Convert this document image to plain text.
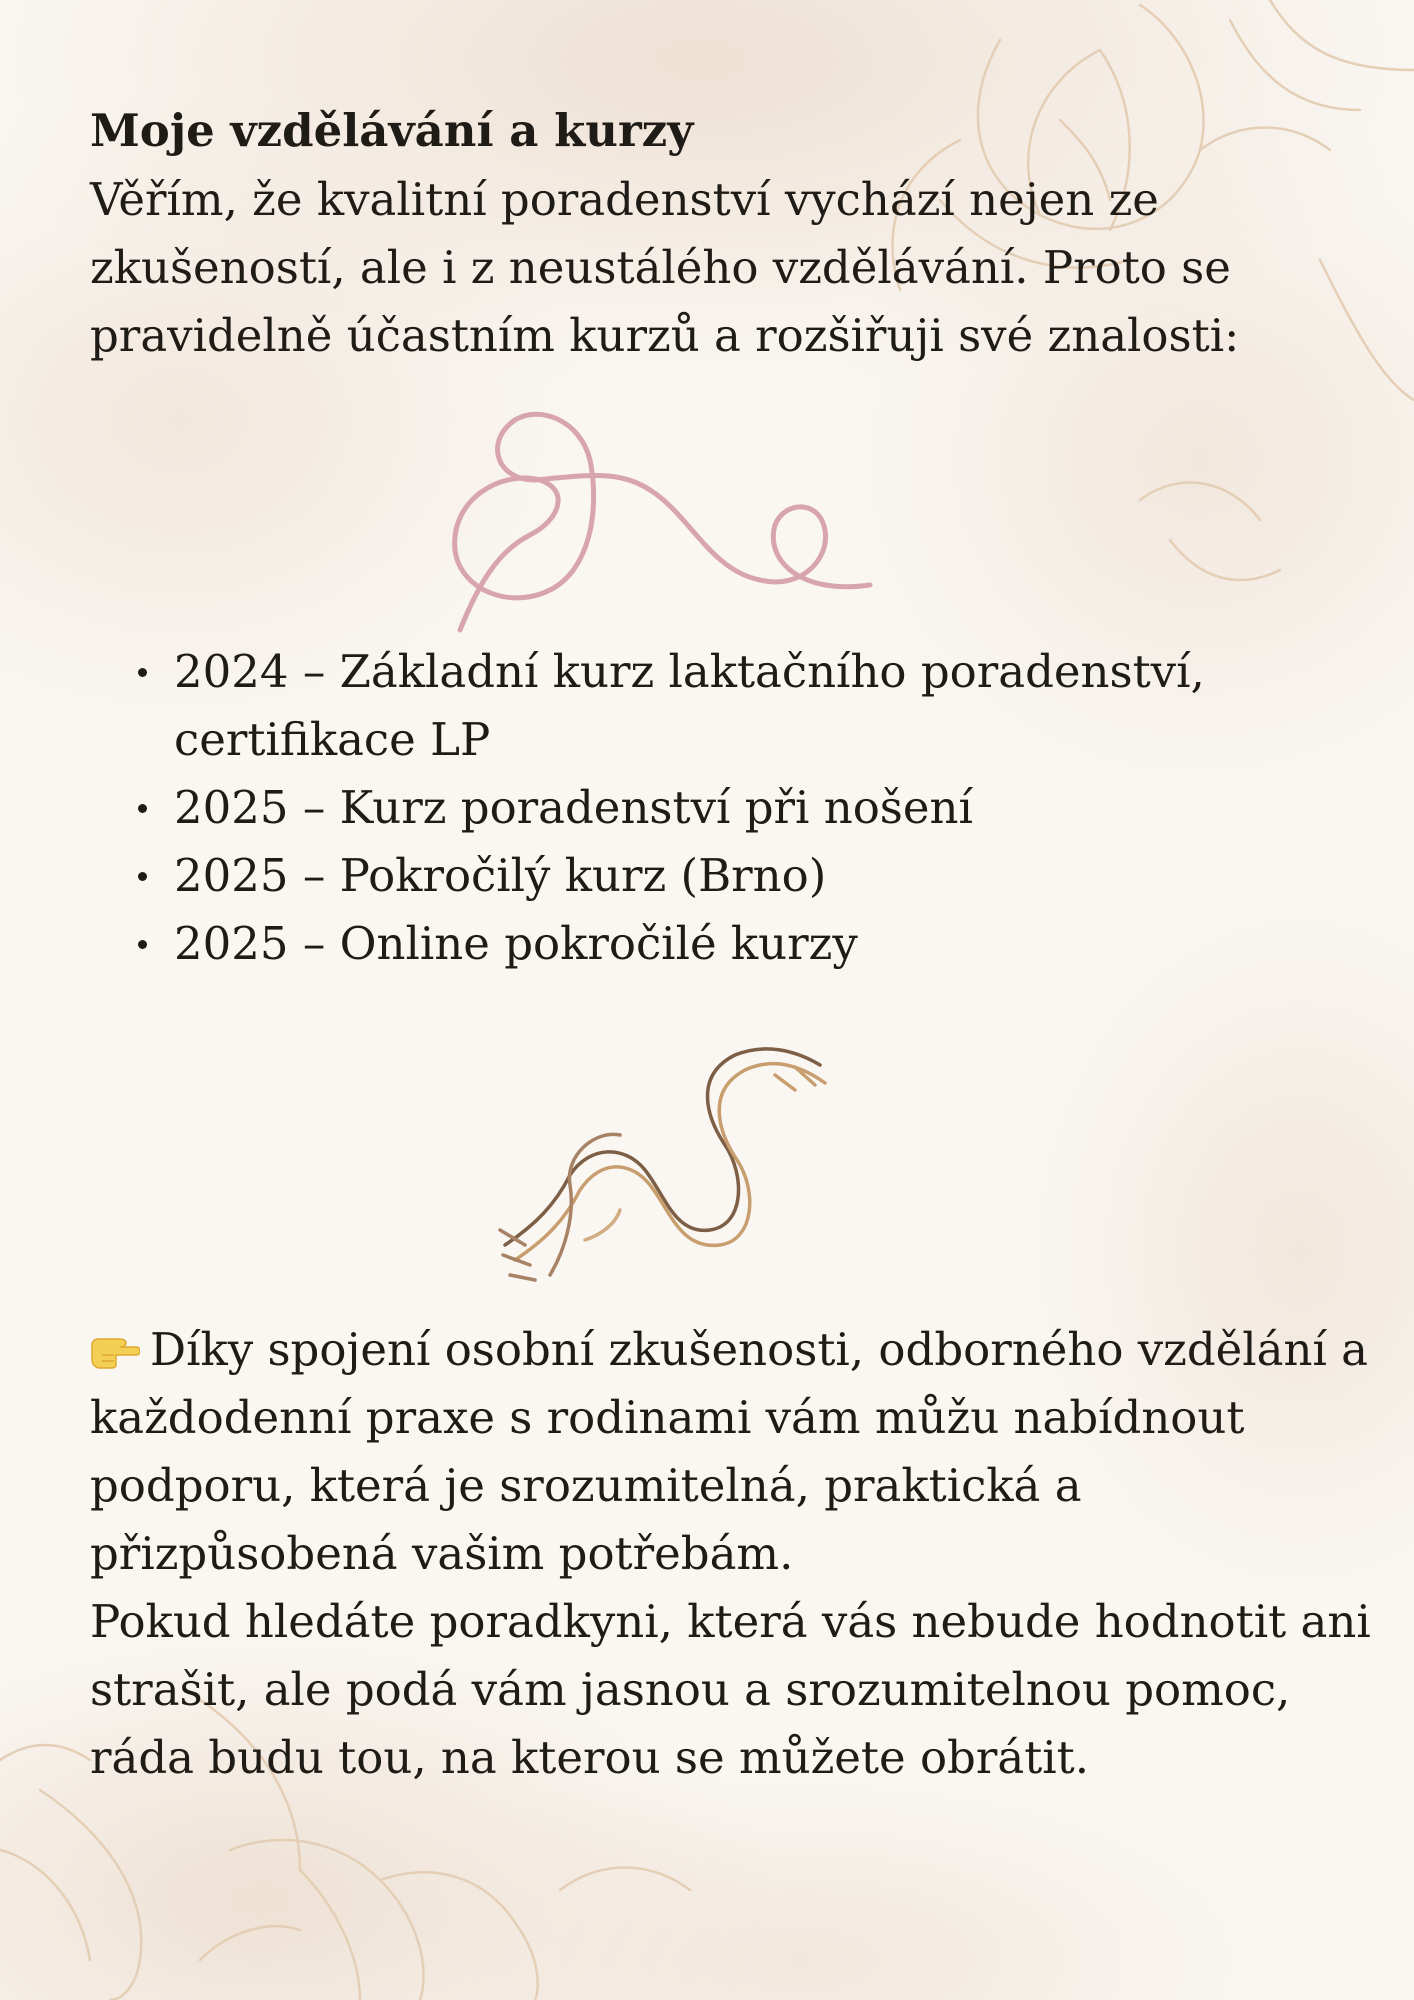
Moje vzdělávání a kurzy

Věřím, že kvalitní poradenství vychází nejen ze
zkušeností, ale i z neustálého vzdělávání. Proto se
pravidelně účastním kurzů a rozšiřuji své znalosti:

2024 – Základní kurz laktačního poradenství,
certifikace LP
2025 – Kurz poradenství při nošení
2025 – Pokročilý kurz (Brno)
2025 – Online pokročilé kurzy

Díky spojení osobní zkušenosti, odborného vzdělání a
každodenní praxe s rodinami vám můžu nabídnout
podporu, která je srozumitelná, praktická a
přizpůsobená vašim potřebám.
Pokud hledáte poradkyni, která vás nebude hodnotit ani
strašit, ale podá vám jasnou a srozumitelnou pomoc,
ráda budu tou, na kterou se můžete obrátit.
